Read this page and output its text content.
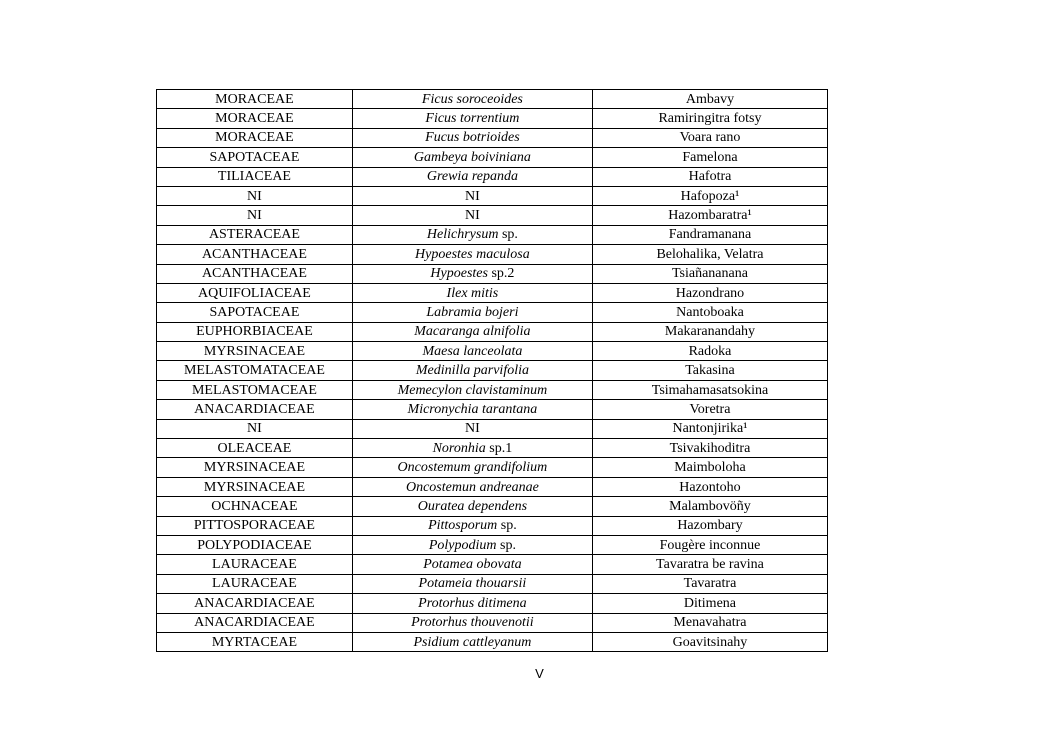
MORACEAE	Ficus soroceoides	Ambavy
MORACEAE	Ficus torrentium	Ramiringitra fotsy
MORACEAE	Fucus botrioides	Voara rano
SAPOTACEAE	Gambeya boiviniana	Famelona
TILIACEAE	Grewia repanda	Hafotra
NI	NI	Hafopoza¹
NI	NI	Hazombaratra¹
ASTERACEAE	Helichrysum sp.	Fandramanana
ACANTHACEAE	Hypoestes maculosa	Belohalika, Velatra
ACANTHACEAE	Hypoestes sp.2	Tsiañananana
AQUIFOLIACEAE	Ilex mitis	Hazondrano
SAPOTACEAE	Labramia bojeri	Nantoboaka
EUPHORBIACEAE	Macaranga alnifolia	Makaranandahy
MYRSINACEAE	Maesa lanceolata	Radoka
MELASTOMATACEAE	Medinilla parvifolia	Takasina
MELASTOMACEAE	Memecylon clavistaminum	Tsimahamasatsokina
ANACARDIACEAE	Micronychia tarantana	Voretra
NI	NI	Nantonjirika¹
OLEACEAE	Noronhia sp.1	Tsivakihoditra
MYRSINACEAE	Oncostemum grandifolium	Maimboloha
MYRSINACEAE	Oncostemun andreanae	Hazontoho
OCHNACEAE	Ouratea dependens	Malambovöñy
PITTOSPORACEAE	Pittosporum sp.	Hazombary
POLYPODIACEAE	Polypodium sp.	Fougère inconnue
LAURACEAE	Potamea obovata	Tavaratra be ravina
LAURACEAE	Potameia thouarsii	Tavaratra
ANACARDIACEAE	Protorhus ditimena	Ditimena
ANACARDIACEAE	Protorhus thouvenotii	Menavahatra
MYRTACEAE	Psidium cattleyanum	Goavitsinahy
V
